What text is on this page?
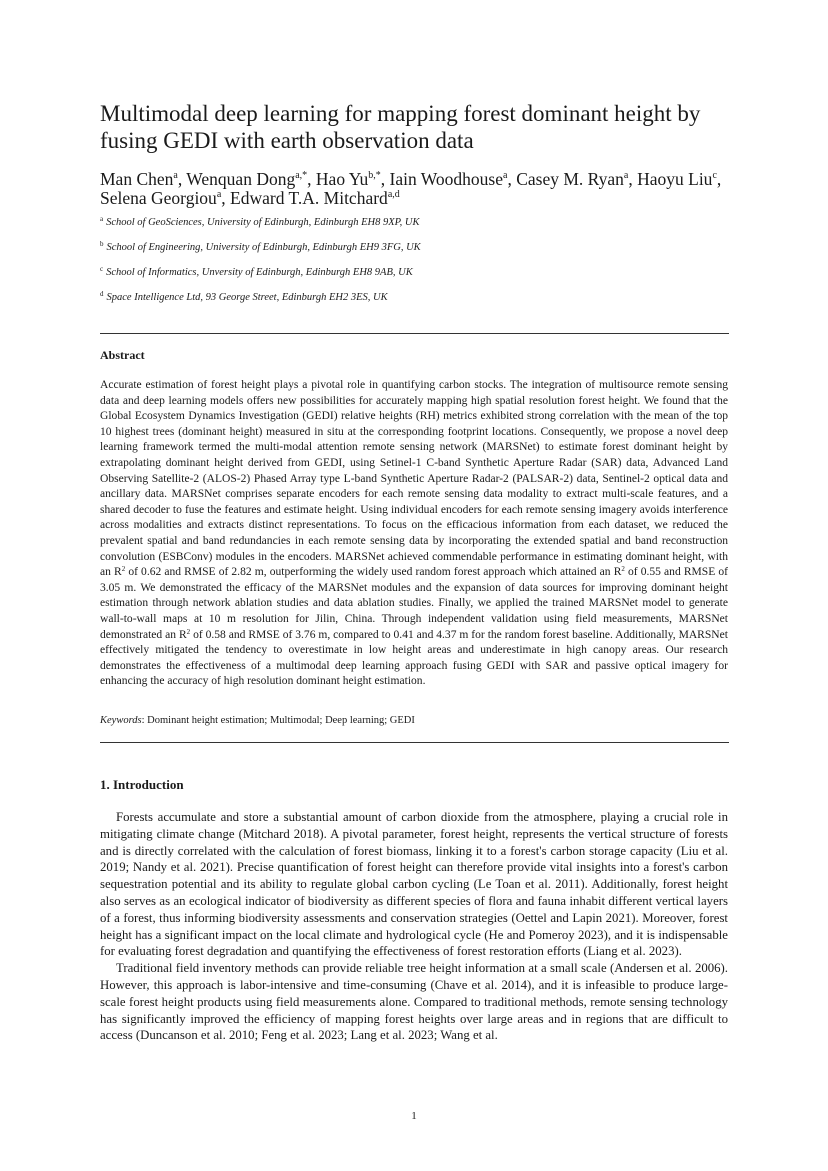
Multimodal deep learning for mapping forest dominant height by fusing GEDI with earth observation data
Man Chen$^a$, Wenquan Dong$^{a,*}$, Hao $Yu^{b,*}$, Iain Woodhouse$^a$, Casey M. Ryan$^a$, Haoyu Liu$^c$, Selena Georgiou$^a$, Edward T.A. Mitchard$^{a,d}$
$^a$ School of GeoSciences, University of Edinburgh, Edinburgh EH8 9XP, UK
$^b$ School of Engineering, University of Edinburgh, Edinburgh EH9 3FG, UK
$^c$ School of Informatics, Unversity of Edinburgh, Edinburgh EH8 9AB, UK
$^d$ Space Intelligence Ltd, 93 George Street, Edinburgh EH2 3ES, UK
Abstract

Accurate estimation of forest height plays a pivotal role in quantifying carbon stocks. The integration of multisource remote sensing data and deep learning models offers new possibilities for accurately mapping high spatial resolution forest height. We found that the Global Ecosystem Dynamics Investigation (GEDI) relative heights (RH) metrics exhibited strong correlation with the mean of the top 10 highest trees (dominant height) measured in situ at the corresponding footprint locations. Consequently, we propose a novel deep learning framework termed the multi-modal attention remote sensing network (MARSNet) to estimate forest dominant height by extrapolating dominant height derived from GEDI, using Setinel-1 C-band Synthetic Aperture Radar (SAR) data, Advanced Land Observing Satellite-2 (ALOS-2) Phased Array type L-band Synthetic Aperture Radar-2 (PALSAR-2) data, Sentinel-2 optical data and ancillary data. MARSNet comprises separate encoders for each remote sensing data modality to extract multi-scale features, and a shared decoder to fuse the features and estimate height. Using individual encoders for each remote sensing imagery avoids interference across modalities and extracts distinct representations. To focus on the efficacious information from each dataset, we reduced the prevalent spatial and band redundancies in each remote sensing data by incorporating the extended spatial and band reconstruction convolution (ESBConv) modules in the encoders. MARSNet achieved commendable performance in estimating dominant height, with an $R^2$ of 0.62 and RMSE of 2.82 m, outperforming the widely used random forest approach which attained an $R^2$ of 0.55 and RMSE of 3.05 m. We demonstrated the efficacy of the MARSNet modules and the expansion of data sources for improving dominant height estimation through network ablation studies and data ablation studies. Finally, we applied the trained MARSNet model to generate wall-to-wall maps at 10 m resolution for Jilin, China. Through independent validation using field measurements, MARSNet demonstrated an $R^2$ of 0.58 and RMSE of 3.76 m, compared to 0.41 and 4.37 m for the random forest baseline. Additionally, MARSNet effectively mitigated the tendency to overestimate in low height areas and underestimate in high canopy areas. Our research demonstrates the effectiveness of a multimodal deep learning approach fusing GEDI with SAR and passive optical imagery for enhancing the accuracy of high resolution dominant height estimation.

Keywords: Dominant height estimation; Multimodal; Deep learning; GEDI
1. Introduction

Forests accumulate and store a substantial amount of carbon dioxide from the atmosphere, playing a crucial role in mitigating climate change (Mitchard 2018). A pivotal parameter, forest height, represents the vertical structure of forests and is directly correlated with the calculation of forest biomass, linking it to a forest's carbon storage capacity (Liu et al. 2019; Nandy et al. 2021). Precise quantification of forest height can therefore provide vital insights into a forest's carbon sequestration potential and its ability to regulate global carbon cycling (Le Toan et al. 2011). Additionally, forest height also serves as an ecological indicator of biodiversity as different species of flora and fauna inhabit different vertical layers of a forest, thus informing biodiversity assessments and conservation strategies (Oettel and Lapin 2021). Moreover, forest height has a significant impact on the local climate and hydrological cycle (He and Pomeroy 2023), and it is indispensable for evaluating forest degradation and quantifying the effectiveness of forest restoration efforts (Liang et al. 2023).

Traditional field inventory methods can provide reliable tree height information at a small scale (Andersen et al. 2006). However, this approach is labor-intensive and time-consuming (Chave et al. 2014), and it is infeasible to produce large-scale forest height products using field measurements alone. Compared to traditional methods, remote sensing technology has significantly improved the efficiency of mapping forest heights over large areas and in regions that are difficult to access (Duncanson et al. 2010; Feng et al. 2023; Lang et al. 2023; Wang et al.

1
